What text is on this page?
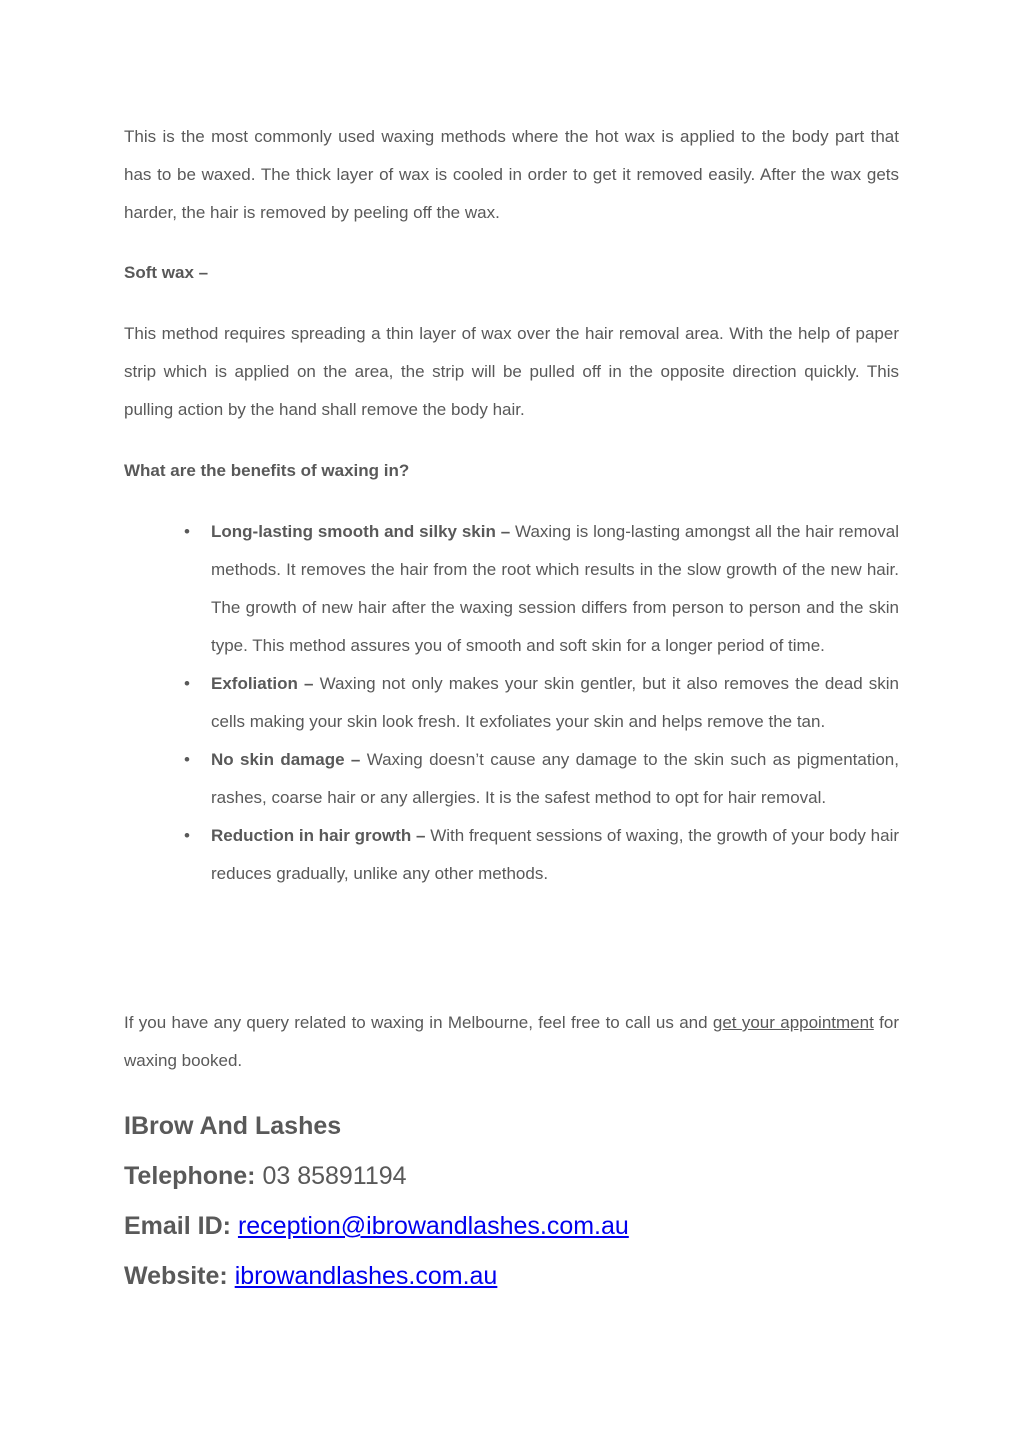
This is the most commonly used waxing methods where the hot wax is applied to the body part that has to be waxed. The thick layer of wax is cooled in order to get it removed easily. After the wax gets harder, the hair is removed by peeling off the wax.

Soft wax –

This method requires spreading a thin layer of wax over the hair removal area. With the help of paper strip which is applied on the area, the strip will be pulled off in the opposite direction quickly. This pulling action by the hand shall remove the body hair.

What are the benefits of waxing in?

• Long-lasting smooth and silky skin – Waxing is long-lasting amongst all the hair removal methods. It removes the hair from the root which results in the slow growth of the new hair. The growth of new hair after the waxing session differs from person to person and the skin type. This method assures you of smooth and soft skin for a longer period of time.
• Exfoliation – Waxing not only makes your skin gentler, but it also removes the dead skin cells making your skin look fresh. It exfoliates your skin and helps remove the tan.
• No skin damage – Waxing doesn’t cause any damage to the skin such as pigmentation, rashes, coarse hair or any allergies. It is the safest method to opt for hair removal.
• Reduction in hair growth – With frequent sessions of waxing, the growth of your body hair reduces gradually, unlike any other methods.

If you have any query related to waxing in Melbourne, feel free to call us and get your appointment for waxing booked.

IBrow And Lashes

Telephone: 03 85891194

Email ID: reception@ibrowandlashes.com.au

Website: ibrowandlashes.com.au
